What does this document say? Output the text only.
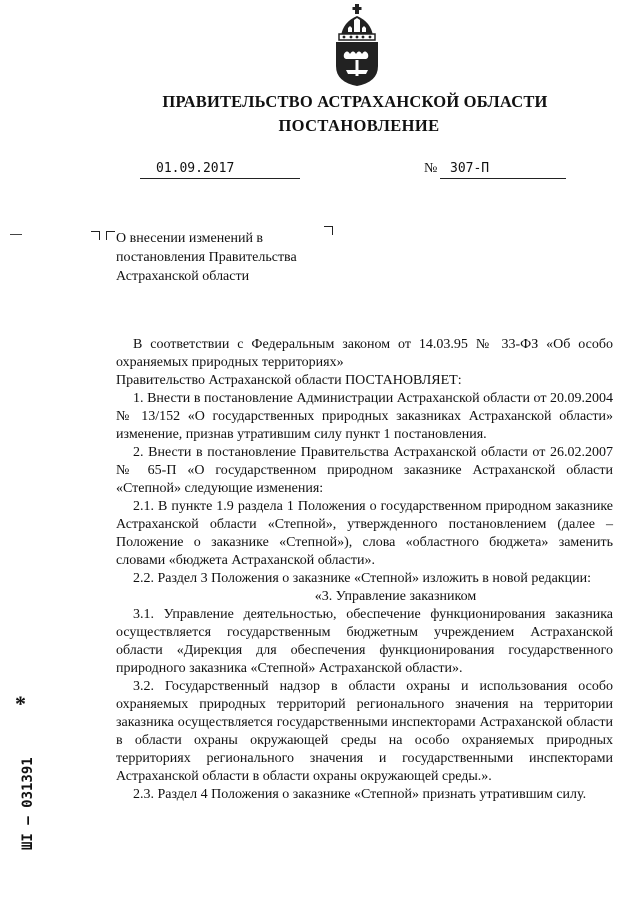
ПРАВИТЕЛЬСТВО АСТРАХАНСКОЙ ОБЛАСТИ
ПОСТАНОВЛЕНИЕ
01.09.2017	№ 307-П
О внесении изменений в постановления Правительства Астраханской области

В соответствии с Федеральным законом от 14.03.95 № 33-ФЗ «Об особо охраняемых природных территориях»

Правительство Астраханской области ПОСТАНОВЛЯЕТ:

1. Внести в постановление Администрации Астраханской области от 20.09.2004 № 13/152 «О государственных природных заказниках Астраханской области» изменение, признав утратившим силу пункт 1 постановления.

2. Внести в постановление Правительства Астраханской области от 26.02.2007 № 65-П «О государственном природном заказнике Астраханской области «Степной» следующие изменения:

2.1. В пункте 1.9 раздела 1 Положения о государственном природном заказнике Астраханской области «Степной», утвержденного постановлением (далее – Положение о заказнике «Степной»), слова «областного бюджета» заменить словами «бюджета Астраханской области».

2.2. Раздел 3 Положения о заказнике «Степной» изложить в новой редакции:

«3. Управление заказником

3.1. Управление деятельностью, обеспечение функционирования заказника осуществляется государственным бюджетным учреждением Астраханской области «Дирекция для обеспечения функционирования государственного природного заказника «Степной» Астраханской области».

3.2. Государственный надзор в области охраны и использования особо охраняемых природных территорий регионального значения на территории заказника осуществляется государственными инспекторами Астраханской области в области охраны окружающей среды на особо охраняемых природных территориях регионального значения и государственными инспекторами Астраханской области в области охраны окружающей среды.».

2.3. Раздел 4 Положения о заказнике «Степной» признать утратившим силу.

*
ШI – 031391
